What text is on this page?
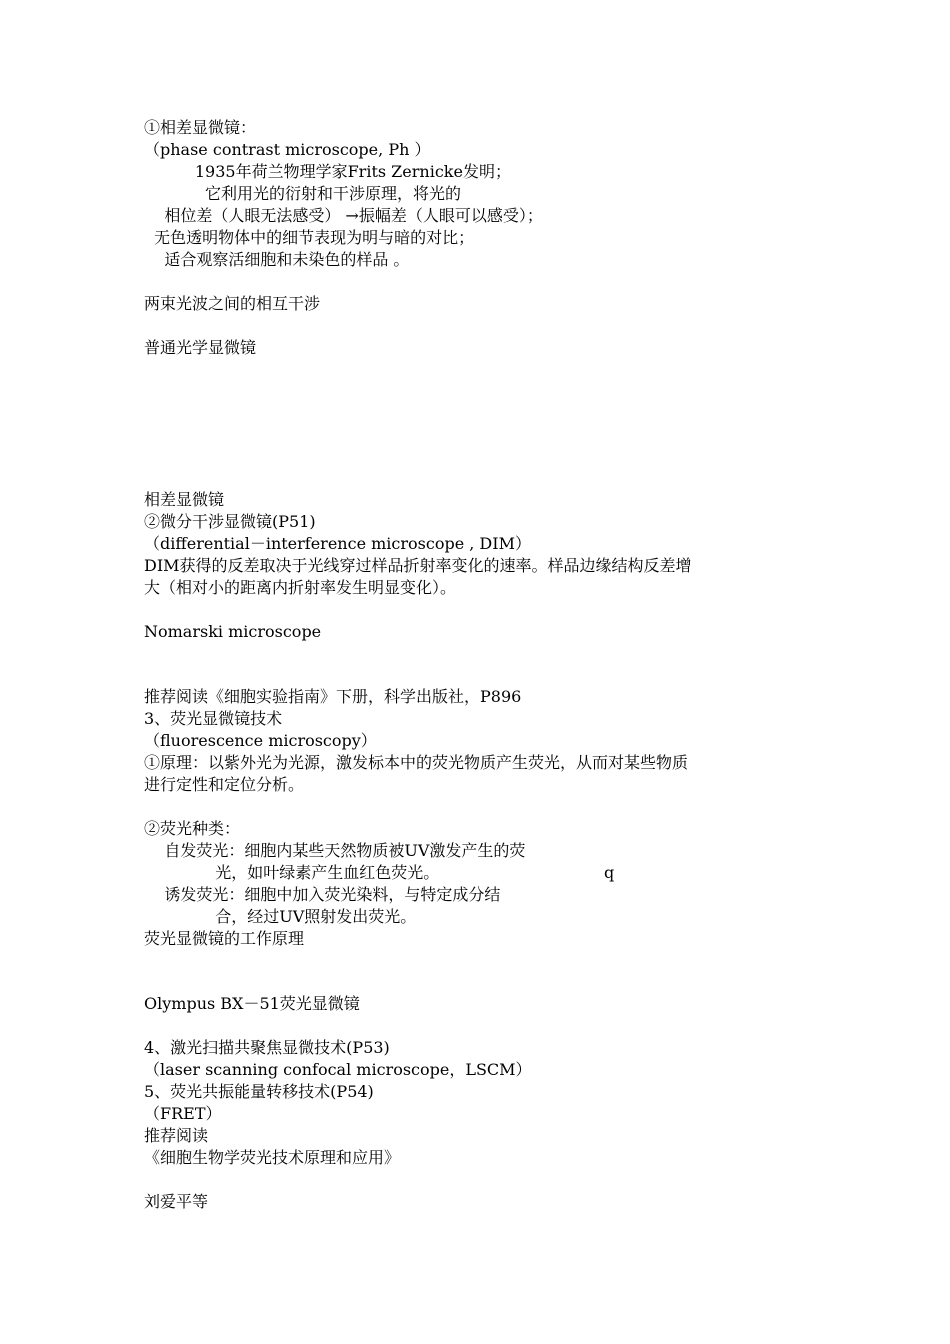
①相差显微镜：
（phase contrast microscope, Ph ）
1935年荷兰物理学家Frits Zernicke发明；
它利用光的衍射和干涉原理，将光的
相位差（人眼无法感受） →振幅差（人眼可以感受）；
无色透明物体中的细节表现为明与暗的对比；
适合观察活细胞和未染色的样品 。
两束光波之间的相互干涉
普通光学显微镜
相差显微镜
②微分干涉显微镜(P51)
（differential－interference microscope , DIM）
DIM获得的反差取决于光线穿过样品折射率变化的速率。样品边缘结构反差增
大（相对小的距离内折射率发生明显变化）。
Nomarski microscope
推荐阅读《细胞实验指南》下册，科学出版社，P896
3、荧光显微镜技术
（fluorescence microscopy）
①原理：以紫外光为光源，激发标本中的荧光物质产生荧光，从而对某些物质
进行定性和定位分析。
②荧光种类：
自发荧光：细胞内某些天然物质被UV激发产生的荧
光，如叶绿素产生血红色荧光。	q
诱发荧光：细胞中加入荧光染料，与特定成分结
合，经过UV照射发出荧光。
荧光显微镜的工作原理
Olympus BX－51荧光显微镜
4、激光扫描共聚焦显微技术(P53)
（laser scanning confocal microscope，LSCM）
5、荧光共振能量转移技术(P54)
（FRET）
推荐阅读
《细胞生物学荧光技术原理和应用》
刘爱平等
